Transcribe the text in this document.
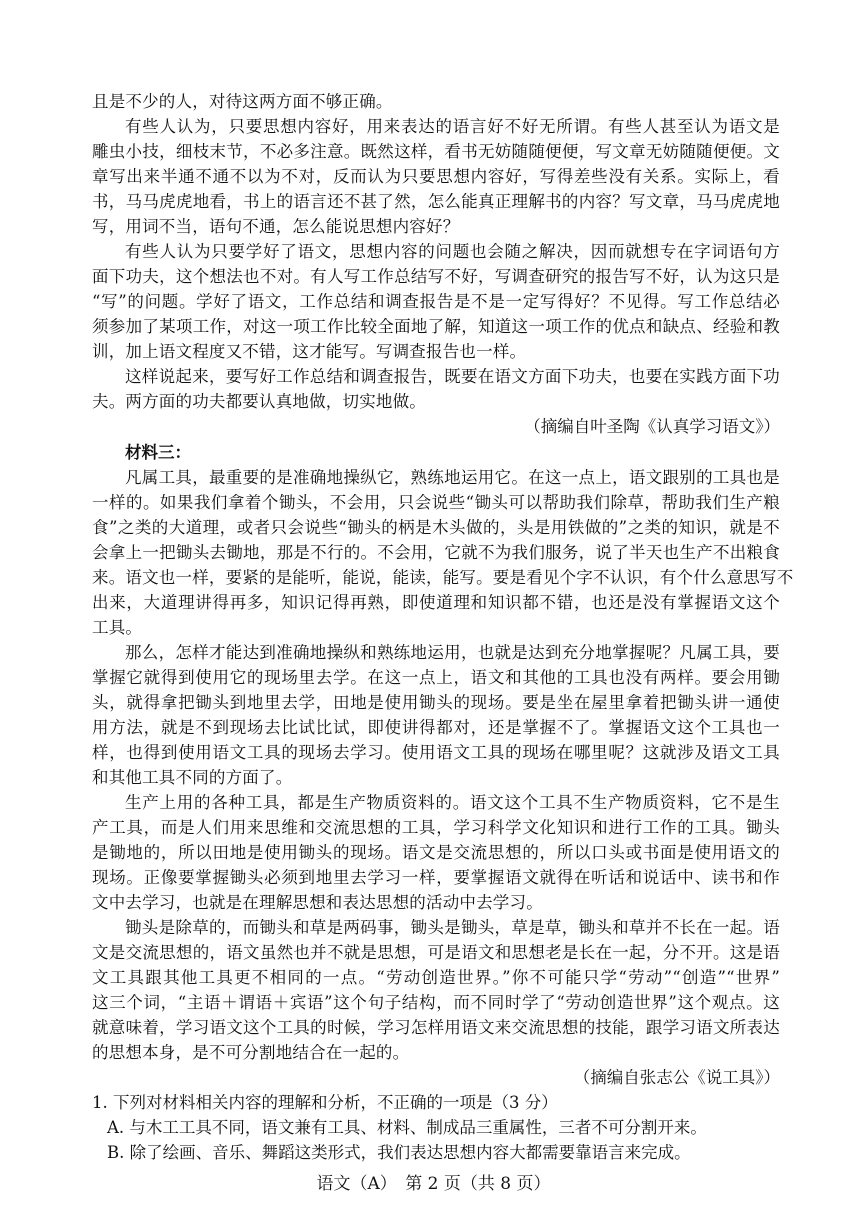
且是不少的人，对待这两方面不够正确。
有些人认为，只要思想内容好，用来表达的语言好不好无所谓。有些人甚至认为语文是
雕虫小技，细枝末节，不必多注意。既然这样，看书无妨随随便便，写文章无妨随随便便。文
章写出来半通不通不以为不对，反而认为只要思想内容好，写得差些没有关系。实际上，看
书，马马虎虎地看，书上的语言还不甚了然，怎么能真正理解书的内容？写文章，马马虎虎地
写，用词不当，语句不通，怎么能说思想内容好？
有些人认为只要学好了语文，思想内容的问题也会随之解决，因而就想专在字词语句方
面下功夫，这个想法也不对。有人写工作总结写不好，写调查研究的报告写不好，认为这只是
“写”的问题。学好了语文，工作总结和调查报告是不是一定写得好？不见得。写工作总结必
须参加了某项工作，对这一项工作比较全面地了解，知道这一项工作的优点和缺点、经验和教
训，加上语文程度又不错，这才能写。写调查报告也一样。
这样说起来，要写好工作总结和调查报告，既要在语文方面下功夫，也要在实践方面下功
夫。两方面的功夫都要认真地做，切实地做。
（摘编自叶圣陶《认真学习语文》）
材料三：
凡属工具，最重要的是准确地操纵它，熟练地运用它。在这一点上，语文跟别的工具也是
一样的。如果我们拿着个锄头，不会用，只会说些“锄头可以帮助我们除草，帮助我们生产粮
食”之类的大道理，或者只会说些“锄头的柄是木头做的，头是用铁做的”之类的知识，就是不
会拿上一把锄头去锄地，那是不行的。不会用，它就不为我们服务，说了半天也生产不出粮食
来。语文也一样，要紧的是能听，能说，能读，能写。要是看见个字不认识，有个什么意思写不
出来，大道理讲得再多，知识记得再熟，即使道理和知识都不错，也还是没有掌握语文这个
工具。
那么，怎样才能达到准确地操纵和熟练地运用，也就是达到充分地掌握呢？凡属工具，要
掌握它就得到使用它的现场里去学。在这一点上，语文和其他的工具也没有两样。要会用锄
头，就得拿把锄头到地里去学，田地是使用锄头的现场。要是坐在屋里拿着把锄头讲一通使
用方法，就是不到现场去比试比试，即使讲得都对，还是掌握不了。掌握语文这个工具也一
样，也得到使用语文工具的现场去学习。使用语文工具的现场在哪里呢？这就涉及语文工具
和其他工具不同的方面了。
生产上用的各种工具，都是生产物质资料的。语文这个工具不生产物质资料，它不是生
产工具，而是人们用来思维和交流思想的工具，学习科学文化知识和进行工作的工具。锄头
是锄地的，所以田地是使用锄头的现场。语文是交流思想的，所以口头或书面是使用语文的
现场。正像要掌握锄头必须到地里去学习一样，要掌握语文就得在听话和说话中、读书和作
文中去学习，也就是在理解思想和表达思想的活动中去学习。
锄头是除草的，而锄头和草是两码事，锄头是锄头，草是草，锄头和草并不长在一起。语
文是交流思想的，语文虽然也并不就是思想，可是语文和思想老是长在一起，分不开。这是语
文工具跟其他工具更不相同的一点。“劳动创造世界。”你不可能只学“劳动”“创造”“世界”
这三个词，“主语＋谓语＋宾语”这个句子结构，而不同时学了“劳动创造世界”这个观点。这
就意味着，学习语文这个工具的时候，学习怎样用语文来交流思想的技能，跟学习语文所表达
的思想本身，是不可分割地结合在一起的。
（摘编自张志公《说工具》）
1. 下列对材料相关内容的理解和分析，不正确的一项是（3 分）
A. 与木工工具不同，语文兼有工具、材料、制成品三重属性，三者不可分割开来。
B. 除了绘画、音乐、舞蹈这类形式，我们表达思想内容大都需要靠语言来完成。
语文（A）　第 2 页（共 8 页）
